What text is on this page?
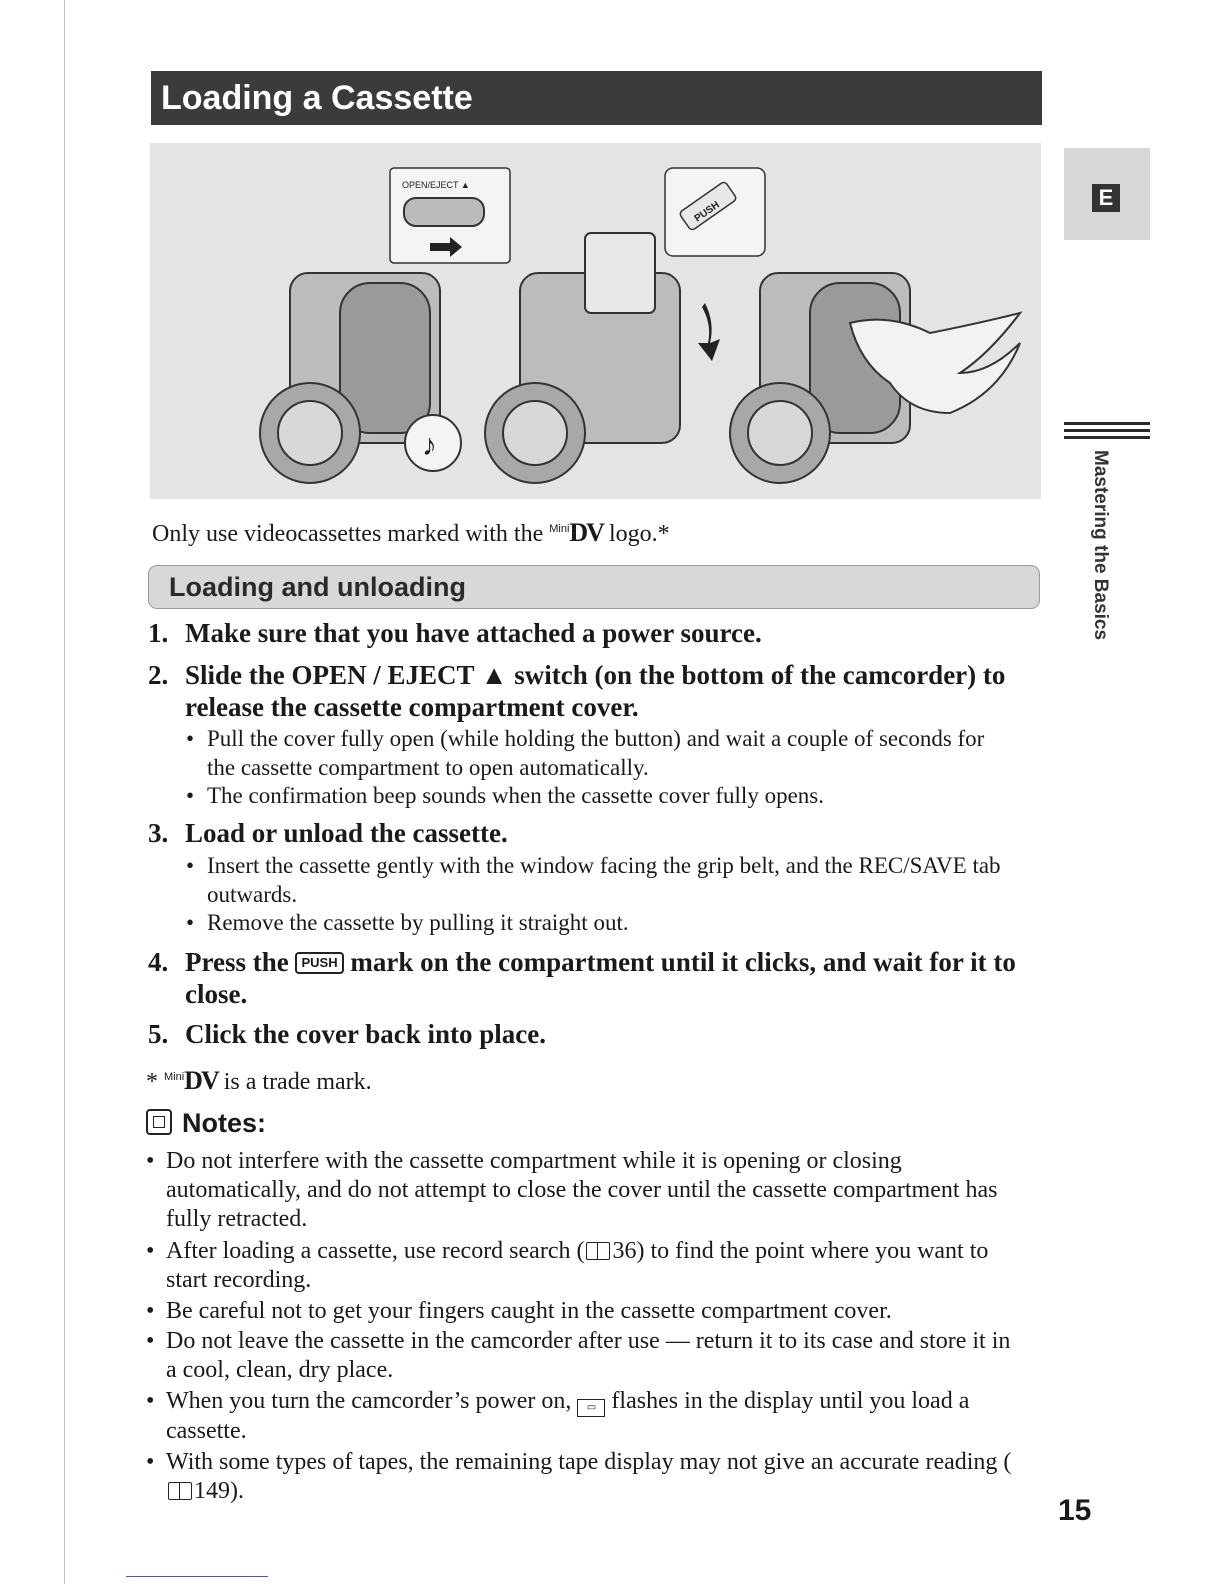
Loading a Cassette
OPEN/EJECT ▲
♪
PUSH
E
Mastering the Basics
Only use videocassettes marked with the $^{Mini}$DV logo.*
Loading and unloading
1. Make sure that you have attached a power source.
2. Slide the OPEN / EJECT ▲ switch (on the bottom of the camcorder) to release the cassette compartment cover.
• Pull the cover fully open (while holding the button) and wait a couple of seconds for the cassette compartment to open automatically.
• The confirmation beep sounds when the cassette cover fully opens.
3. Load or unload the cassette.
• Insert the cassette gently with the window facing the grip belt, and the REC/SAVE tab outwards.
• Remove the cassette by pulling it straight out.
4. Press the PUSH mark on the compartment until it clicks, and wait for it to close.
5. Click the cover back into place.
* $^{Mini}$DV is a trade mark.
Notes:
• Do not interfere with the cassette compartment while it is opening or closing automatically, and do not attempt to close the cover until the cassette compartment has fully retracted.
• After loading a cassette, use record search ( 36) to find the point where you want to start recording.
• Be careful not to get your fingers caught in the cassette compartment cover.
• Do not leave the cassette in the camcorder after use — return it to its case and store it in a cool, clean, dry place.
• When you turn the camcorder’s power on, ▭ flashes in the display until you load a cassette.
• With some types of tapes, the remaining tape display may not give an accurate reading (149).
15
